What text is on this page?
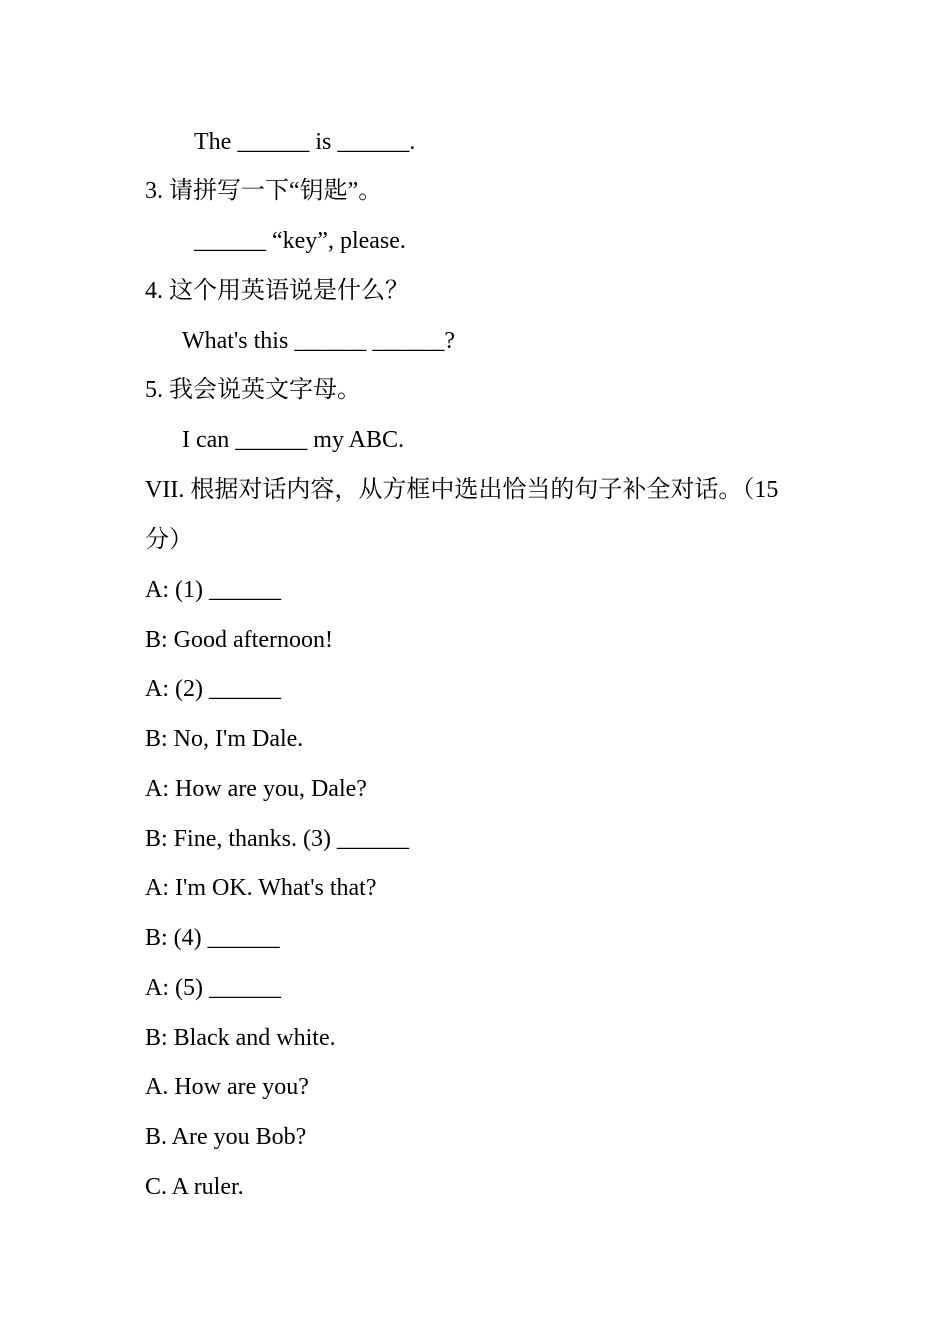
The ______ is ______.
3. 请拼写一下“钥匙”。
______ “key”, please.
4. 这个用英语说是什么？
What's this ______ ______?
5. 我会说英文字母。
I can ______ my ABC.
VII. 根据对话内容，从方框中选出恰当的句子补全对话。（15分）
A: (1) ______
B: Good afternoon!
A: (2) ______
B: No, I'm Dale.
A: How are you, Dale?
B: Fine, thanks. (3) ______
A: I'm OK. What's that?
B: (4) ______
A: (5) ______
B: Black and white.
A. How are you?
B. Are you Bob?
C. A ruler.
